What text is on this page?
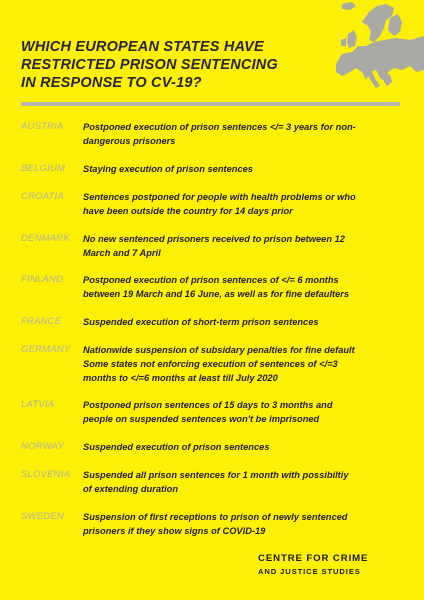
WHICH EUROPEAN STATES HAVE
RESTRICTED PRISON SENTENCING
IN RESPONSE TO CV-19?
AUSTRIA	Postponed execution of prison sentences </= 3 years for non-
dangerous prisoners
BELGIUM	Staying execution of prison sentences
CROATIA	Sentences postponed for people with health problems or who
have been outside the country for 14 days prior
DENMARK	No new sentenced prisoners received to prison between 12
March and 7 April
FINLAND	Postponed execution of prison sentences of </= 6 months
between 19 March and 16 June, as well as for fine defaulters
FRANCE	Suspended execution of short-term prison sentences
GERMANY	Nationwide suspension of subsidary penalties for fine default
Some states not enforcing execution of sentences of </=3
months to </=6 months at least till July 2020
LATVIA	Postponed prison sentences of 15 days to 3 months and
people on suspended sentences won't be imprisoned
NORWAY	Suspended execution of prison sentences
SLOVENIA	Suspended all prison sentences for 1 month with possibiltiy
of extending duration
SWEDEN	Suspension of first receptions to prison of newly sentenced
prisoners if they show signs of COVID-19
CENTRE FOR CRIME
AND JUSTICE STUDIES
